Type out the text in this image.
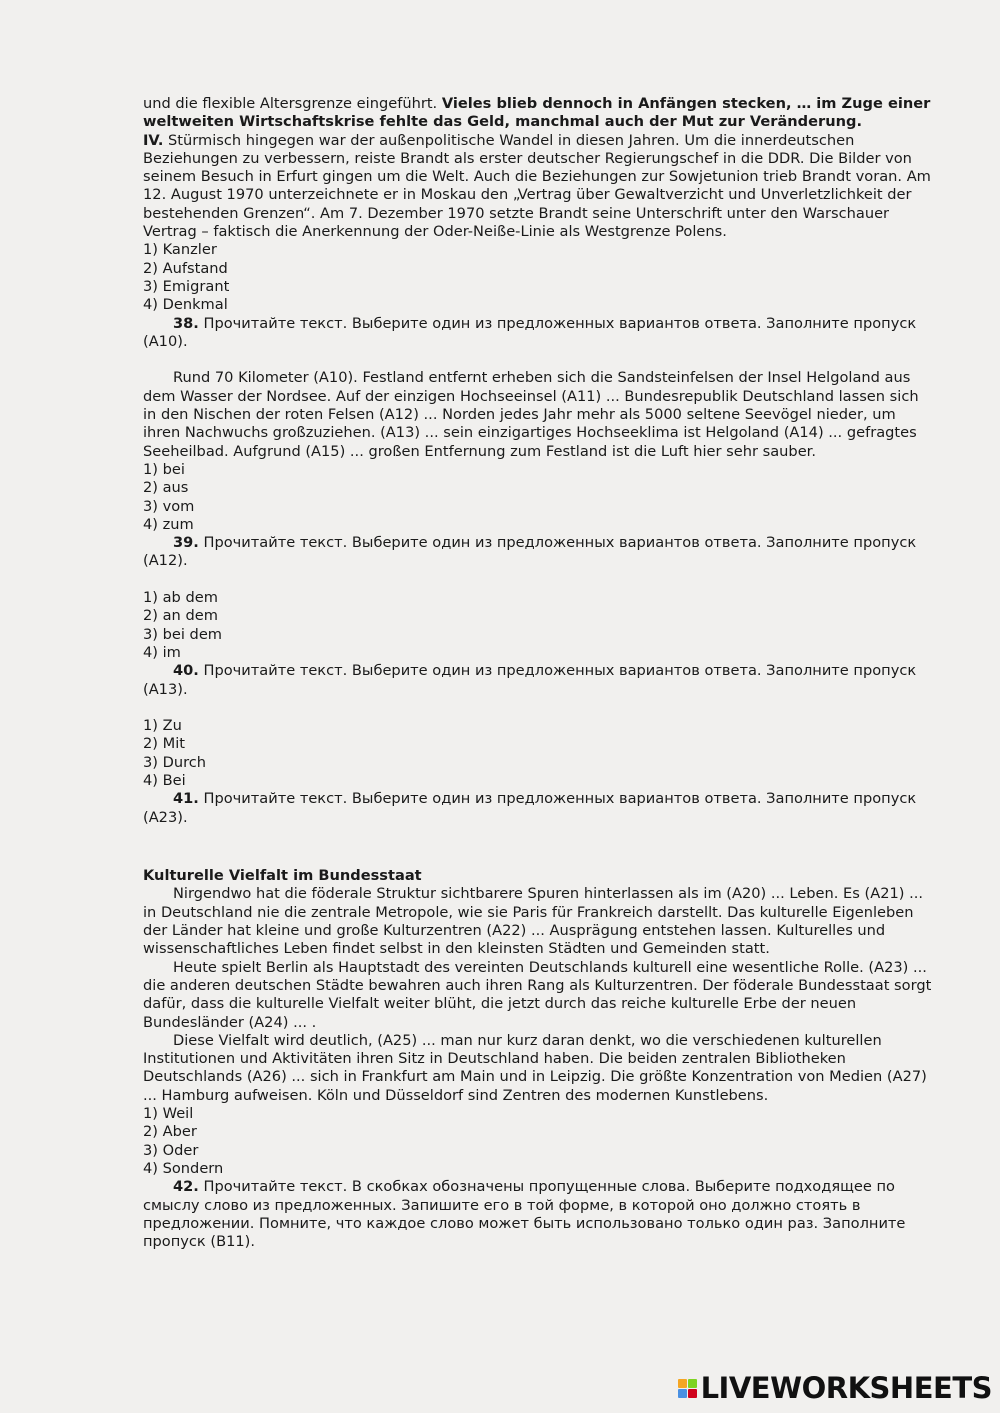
und die flexible Altersgrenze eingeführt. Vieles blieb dennoch in Anfängen stecken, … im Zuge einer weltweiten Wirtschaftskrise fehlte das Geld, manchmal auch der Mut zur Veränderung.

IV. Stürmisch hingegen war der außenpolitische Wandel in diesen Jahren. Um die innerdeutschen Beziehungen zu verbessern, reiste Brandt als erster deutscher Regierungschef in die DDR. Die Bilder von seinem Besuch in Erfurt gingen um die Welt. Auch die Beziehungen zur Sowjetunion trieb Brandt voran. Am 12. August 1970 unterzeichnete er in Moskau den „Vertrag über Gewaltverzicht und Unverletzlichkeit der bestehenden Grenzen“. Am 7. Dezember 1970 setzte Brandt seine Unterschrift unter den Warschauer Vertrag – faktisch die Anerkennung der Oder-Neiße-Linie als Westgrenze Polens.

1) Kanzler
2) Aufstand
3) Emigrant
4) Denkmal

38. Прочитайте текст. Выберите один из предложенных вариантов ответа. Заполните пропуск (A10).

Rund 70 Kilometer (A10). Festland entfernt erheben sich die Sandsteinfelsen der Insel Helgoland aus dem Wasser der Nordsee. Auf der einzigen Hochseeinsel (A11) ... Bundesrepublik Deutschland lassen sich in den Nischen der roten Felsen (A12) ... Norden jedes Jahr mehr als 5000 seltene Seevögel nieder, um ihren Nachwuchs großzuziehen. (A13) ... sein einzigartiges Hochseeklima ist Helgoland (A14) ... gefragtes Seeheilbad. Aufgrund (A15) ... großen Entfernung zum Festland ist die Luft hier sehr sauber.

1) bei
2) aus
3) vom
4) zum

39. Прочитайте текст. Выберите один из предложенных вариантов ответа. Заполните пропуск (A12).

1) ab dem
2) an dem
3) bei dem
4) im

40. Прочитайте текст. Выберите один из предложенных вариантов ответа. Заполните пропуск (A13).

1) Zu
2) Mit
3) Durch
4) Bei

41. Прочитайте текст. Выберите один из предложенных вариантов ответа. Заполните пропуск (A23).

Kulturelle Vielfalt im Bundesstaat

Nirgendwo hat die föderale Struktur sichtbarere Spuren hinterlassen als im (A20) ... Leben. Es (A21) ... in Deutschland nie die zentrale Metropole, wie sie Paris für Frankreich darstellt. Das kulturelle Eigenleben der Länder hat kleine und große Kulturzentren (A22) ... Ausprägung entstehen lassen. Kulturelles und wissenschaftliches Leben findet selbst in den kleinsten Städten und Gemeinden statt.

Heute spielt Berlin als Hauptstadt des vereinten Deutschlands kulturell eine wesentliche Rolle. (A23) ... die anderen deutschen Städte bewahren auch ihren Rang als Kulturzentren. Der föderale Bundesstaat sorgt dafür, dass die kulturelle Vielfalt weiter blüht, die jetzt durch das reiche kulturelle Erbe der neuen Bundesländer (A24) ... .

Diese Vielfalt wird deutlich, (A25) ... man nur kurz daran denkt, wo die verschiedenen kulturellen Institutionen und Aktivitäten ihren Sitz in Deutschland haben. Die beiden zentralen Bibliotheken Deutschlands (A26) ... sich in Frankfurt am Main und in Leipzig. Die größte Konzentration von Medien (A27) ... Hamburg aufweisen. Köln und Düsseldorf sind Zentren des modernen Kunstlebens.

1) Weil
2) Aber
3) Oder
4) Sondern

42. Прочитайте текст. В скобках обозначены пропущенные слова. Выберите подходящее по смыслу слово из предложенных. Запишите его в той форме, в которой оно должно стоять в предложении. Помните, что каждое слово может быть использовано только один раз. Заполните пропуск (B11).

LIVEWORKSHEETS
